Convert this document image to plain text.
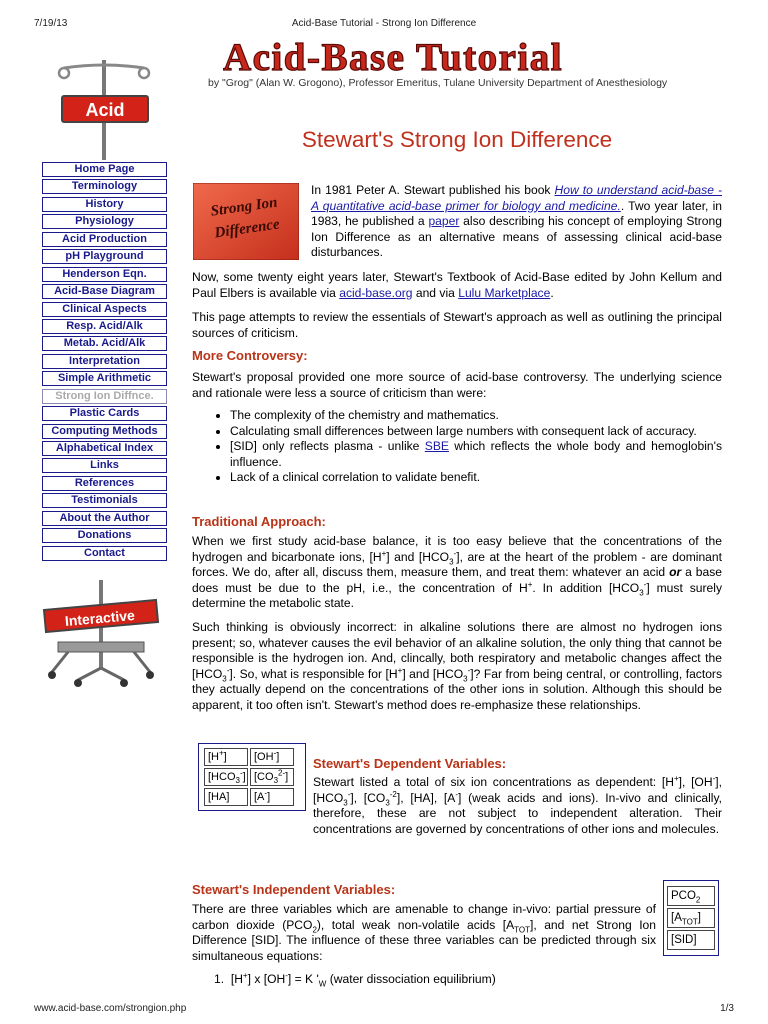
7/19/13	Acid-Base Tutorial - Strong Ion Difference
Acid-Base Tutorial
by "Grog" (Alan W. Grogono), Professor Emeritus, Tulane University Department of Anesthesiology
Acid
Home Page
Terminology
History
Physiology
Acid Production
pH Playground
Henderson Eqn.
Acid-Base Diagram
Clinical Aspects
Resp. Acid/Alk
Metab. Acid/Alk
Interpretation
Simple Arithmetic
Strong Ion Diffnce.
Plastic Cards
Computing Methods
Alphabetical Index
Links
References
Testimonials
About the Author
Donations
Contact
Interactive
Stewart's Strong Ion Difference
Strong Ion
Difference

In 1981 Peter A. Stewart published his book How to understand acid-base - A quantitative acid-base primer for biology and medicine.. Two year later, in 1983, he published a paper also describing his concept of employing Strong Ion Difference as an alternative means of assessing clinical acid-base disturbances.

Now, some twenty eight years later, Stewart's Textbook of Acid-Base edited by John Kellum and Paul Elbers is available via acid-base.org and via Lulu Marketplace.

This page attempts to review the essentials of Stewart's approach as well as outlining the principal sources of criticism.
More Controversy:

Stewart's proposal provided one more source of acid-base controversy. The underlying science and rationale were less a source of criticism than were:

• The complexity of the chemistry and mathematics.
• Calculating small differences between large numbers with consequent lack of accuracy.
• [SID] only reflects plasma - unlike SBE which reflects the whole body and hemoglobin's influence.
• Lack of a clinical correlation to validate benefit.
Traditional Approach:

When we first study acid-base balance, it is too easy believe that the concentrations of the hydrogen and bicarbonate ions, [H+] and $[HCO_3^-]$, are at the heart of the problem - are dominant forces. We do, after all, discuss them, measure them, and treat them: whatever an acid or a base does must be due to the pH, i.e., the concentration of H+. In addition $[HCO_3^-]$ must surely determine the metabolic state.

Such thinking is obviously incorrect: in alkaline solutions there are almost no hydrogen ions present; so, whatever causes the evil behavior of an alkaline solution, the only thing that cannot be responsible is the hydrogen ion. And, clincally, both respiratory and metabolic changes affect the $[HCO_3^-]$. So, what is responsible for [H+] and $[HCO_3^-]$? Far from being central, or controlling, factors they actually depend on the concentrations of the other ions in solution. Although this should be apparent, it too often isn't. Stewart's method does re-emphasize these relationships.

[H+] [OH-] $[HCO_3^-]$ $[CO_3^{2-}]$ [HA] [A-]
Stewart's Dependent Variables:

Stewart listed a total of six ion concentrations as dependent: [H+], [OH-], $[HCO_3^-]$, $[CO_3^{-2}]$, [HA], [A-] (weak acids and ions). In-vivo and clinically, therefore, these are not subject to independent alteration. Their concentrations are governed by concentrations of other ions and molecules.

Stewart's Independent Variables:

There are three variables which are amenable to change in-vivo: partial pressure of carbon dioxide $(PCO_2)$, total weak non-volatile acids $[A_{TOT}]$, and net Strong Ion Difference [SID]. The influence of these three variables can be predicted through six simultaneous equations:

$PCO_2$
$[A_{TOT}]$
[SID]

1. [H+] x [OH-] = K '$_W$ (water dissociation equilibrium)

www.acid-base.com/strongion.php	1/3
